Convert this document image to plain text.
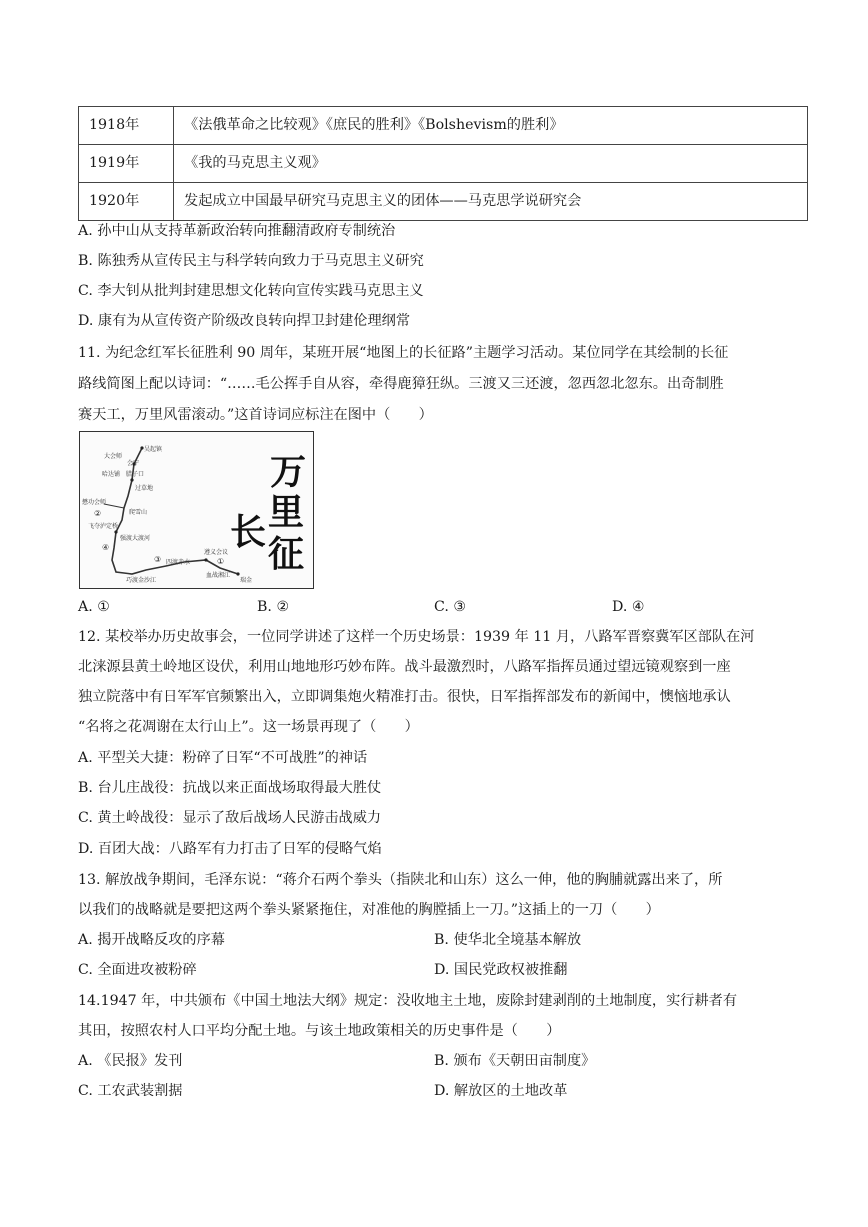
1918年	《法俄革命之比较观》《庶民的胜利》《Bolshevism的胜利》
1919年	《我的马克思主义观》
1920年	发起成立中国最早研究马克思主义的团体——马克思学说研究会
A. 孙中山从支持革新政治转向推翻清政府专制统治
B. 陈独秀从宣传民主与科学转向致力于马克思主义研究
C. 李大钊从批判封建思想文化转向宣传实践马克思主义
D. 康有为从宣传资产阶级改良转向捍卫封建伦理纲常
11. 为纪念红军长征胜利 90 周年，某班开展“地图上的长征路”主题学习活动。某位同学在其绘制的长征
路线简图上配以诗词：“……毛公挥手自从容，牵得鹿獐狂纵。三渡又三还渡，忽西忽北忽东。出奇制胜
赛天工，万里风雷滚动。”这首诗词应标注在图中（　　）
吴起镇
大会师
会宁
哈达铺 腊子口
过草地
懋功会师
爬雪山
飞夺泸定桥
强渡大渡河
四渡赤水
遵义会议
巧渡金沙江
血战湘江
瑞金
①
②
③
④
万
里
长
征
A. ①	B. ②	C. ③	D. ④
12. 某校举办历史故事会，一位同学讲述了这样一个历史场景：1939 年 11 月，八路军晋察冀军区部队在河
北涞源县黄土岭地区设伏，利用山地地形巧妙布阵。战斗最激烈时，八路军指挥员通过望远镜观察到一座
独立院落中有日军军官频繁出入，立即调集炮火精准打击。很快，日军指挥部发布的新闻中，懊恼地承认
“名将之花凋谢在太行山上”。这一场景再现了（　　）
A. 平型关大捷：粉碎了日军“不可战胜”的神话
B. 台儿庄战役：抗战以来正面战场取得最大胜仗
C. 黄土岭战役：显示了敌后战场人民游击战威力
D. 百团大战：八路军有力打击了日军的侵略气焰
13. 解放战争期间，毛泽东说：“蒋介石两个拳头（指陕北和山东）这么一伸，他的胸脯就露出来了，所
以我们的战略就是要把这两个拳头紧紧拖住，对准他的胸膛插上一刀。”这插上的一刀（　　）
A. 揭开战略反攻的序幕	B. 使华北全境基本解放
C. 全面进攻被粉碎	D. 国民党政权被推翻
14.1947 年，中共颁布《中国土地法大纲》规定：没收地主土地，废除封建剥削的土地制度，实行耕者有
其田，按照农村人口平均分配土地。与该土地政策相关的历史事件是（　　）
A. 《民报》发刊	B. 颁布《天朝田亩制度》
C. 工农武装割据	D. 解放区的土地改革
